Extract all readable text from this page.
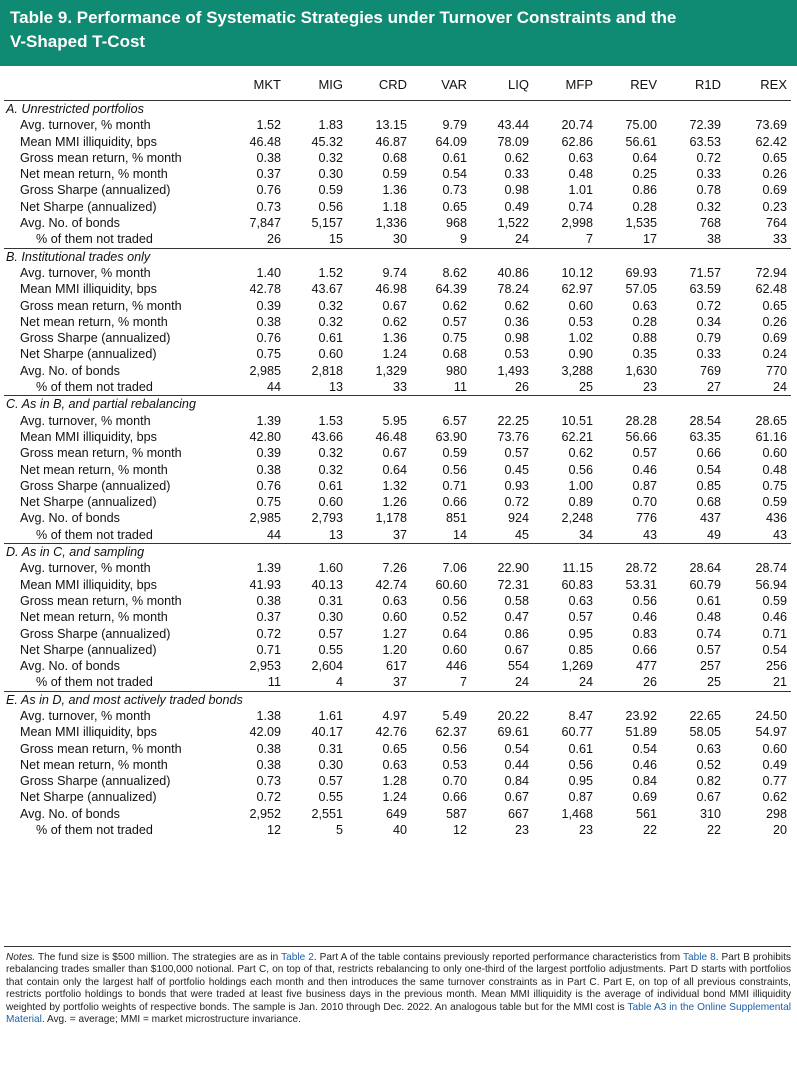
Table 9. Performance of Systematic Strategies under Turnover Constraints and the
V-Shaped T-Cost
	MKT	MIG	CRD	VAR	LIQ	MFP	REV	R1D	REX
A. Unrestricted portfolios									
Avg. turnover, % month	1.52	1.83	13.15	9.79	43.44	20.74	75.00	72.39	73.69
Mean MMI illiquidity, bps	46.48	45.32	46.87	64.09	78.09	62.86	56.61	63.53	62.42
Gross mean return, % month	0.38	0.32	0.68	0.61	0.62	0.63	0.64	0.72	0.65
Net mean return, % month	0.37	0.30	0.59	0.54	0.33	0.48	0.25	0.33	0.26
Gross Sharpe (annualized)	0.76	0.59	1.36	0.73	0.98	1.01	0.86	0.78	0.69
Net Sharpe (annualized)	0.73	0.56	1.18	0.65	0.49	0.74	0.28	0.32	0.23
Avg. No. of bonds	7,847	5,157	1,336	968	1,522	2,998	1,535	768	764
% of them not traded	26	15	30	9	24	7	17	38	33
B. Institutional trades only									
Avg. turnover, % month	1.40	1.52	9.74	8.62	40.86	10.12	69.93	71.57	72.94
Mean MMI illiquidity, bps	42.78	43.67	46.98	64.39	78.24	62.97	57.05	63.59	62.48
Gross mean return, % month	0.39	0.32	0.67	0.62	0.62	0.60	0.63	0.72	0.65
Net mean return, % month	0.38	0.32	0.62	0.57	0.36	0.53	0.28	0.34	0.26
Gross Sharpe (annualized)	0.76	0.61	1.36	0.75	0.98	1.02	0.88	0.79	0.69
Net Sharpe (annualized)	0.75	0.60	1.24	0.68	0.53	0.90	0.35	0.33	0.24
Avg. No. of bonds	2,985	2,818	1,329	980	1,493	3,288	1,630	769	770
% of them not traded	44	13	33	11	26	25	23	27	24
C. As in B, and partial rebalancing									
Avg. turnover, % month	1.39	1.53	5.95	6.57	22.25	10.51	28.28	28.54	28.65
Mean MMI illiquidity, bps	42.80	43.66	46.48	63.90	73.76	62.21	56.66	63.35	61.16
Gross mean return, % month	0.39	0.32	0.67	0.59	0.57	0.62	0.57	0.66	0.60
Net mean return, % month	0.38	0.32	0.64	0.56	0.45	0.56	0.46	0.54	0.48
Gross Sharpe (annualized)	0.76	0.61	1.32	0.71	0.93	1.00	0.87	0.85	0.75
Net Sharpe (annualized)	0.75	0.60	1.26	0.66	0.72	0.89	0.70	0.68	0.59
Avg. No. of bonds	2,985	2,793	1,178	851	924	2,248	776	437	436
% of them not traded	44	13	37	14	45	34	43	49	43
D. As in C, and sampling									
Avg. turnover, % month	1.39	1.60	7.26	7.06	22.90	11.15	28.72	28.64	28.74
Mean MMI illiquidity, bps	41.93	40.13	42.74	60.60	72.31	60.83	53.31	60.79	56.94
Gross mean return, % month	0.38	0.31	0.63	0.56	0.58	0.63	0.56	0.61	0.59
Net mean return, % month	0.37	0.30	0.60	0.52	0.47	0.57	0.46	0.48	0.46
Gross Sharpe (annualized)	0.72	0.57	1.27	0.64	0.86	0.95	0.83	0.74	0.71
Net Sharpe (annualized)	0.71	0.55	1.20	0.60	0.67	0.85	0.66	0.57	0.54
Avg. No. of bonds	2,953	2,604	617	446	554	1,269	477	257	256
% of them not traded	11	4	37	7	24	24	26	25	21
E. As in D, and most actively traded bonds									
Avg. turnover, % month	1.38	1.61	4.97	5.49	20.22	8.47	23.92	22.65	24.50
Mean MMI illiquidity, bps	42.09	40.17	42.76	62.37	69.61	60.77	51.89	58.05	54.97
Gross mean return, % month	0.38	0.31	0.65	0.56	0.54	0.61	0.54	0.63	0.60
Net mean return, % month	0.38	0.30	0.63	0.53	0.44	0.56	0.46	0.52	0.49
Gross Sharpe (annualized)	0.73	0.57	1.28	0.70	0.84	0.95	0.84	0.82	0.77
Net Sharpe (annualized)	0.72	0.55	1.24	0.66	0.67	0.87	0.69	0.67	0.62
Avg. No. of bonds	2,952	2,551	649	587	667	1,468	561	310	298
% of them not traded	12	5	40	12	23	23	22	22	20
Notes. The fund size is $500 million. The strategies are as in Table 2. Part A of the table contains previously reported performance characteristics from Table 8. Part B prohibits rebalancing trades smaller than $100,000 notional. Part C, on top of that, restricts rebalancing to only one-third of the largest portfolio adjustments. Part D starts with portfolios that contain only the largest half of portfolio holdings each month and then introduces the same turnover constraints as in Part C. Part E, on top of all previous constraints, restricts portfolio holdings to bonds that were traded at least five business days in the previous month. Mean MMI illiquidity is the average of individual bond MMI illiquidity weighted by portfolio weights of respective bonds. The sample is Jan. 2010 through Dec. 2022. An analogous table but for the MMI cost is Table A3 in the Online Supplemental Material. Avg. = average; MMI = market microstructure invariance.
